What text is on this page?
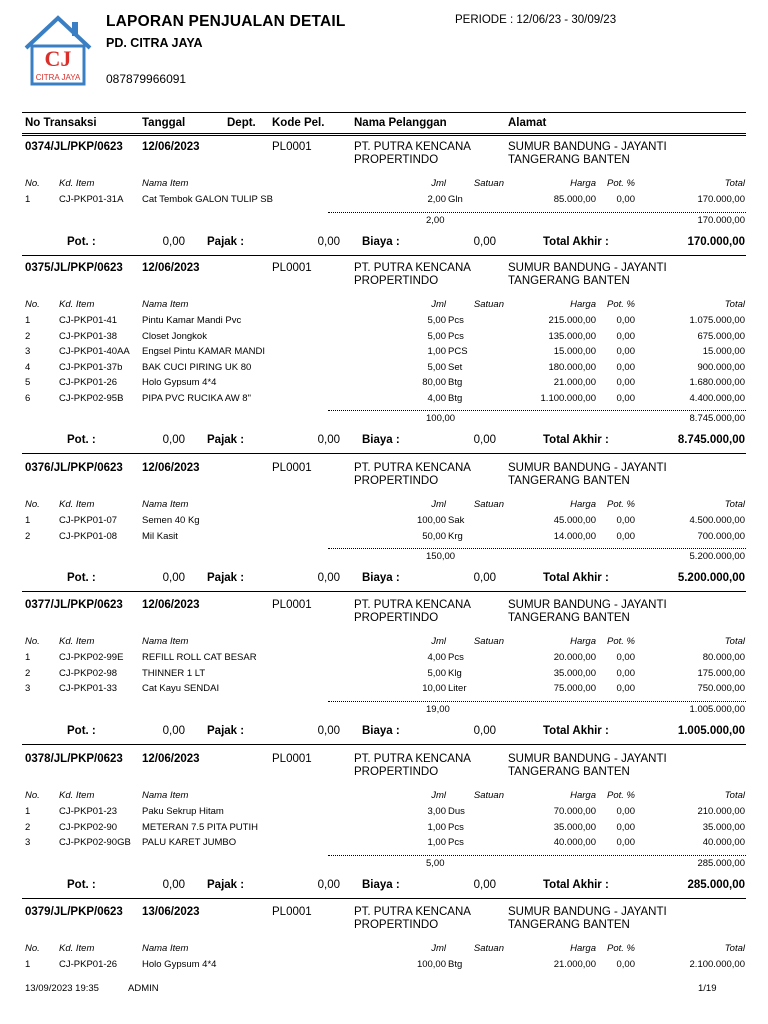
CJ
CITRA JAYA
LAPORAN PENJUALAN DETAIL
PD. CITRA JAYA
087879966091
PERIODE : 12/06/23 - 30/09/23
No Transaksi	Tanggal	Dept. Kode Pel.	Nama Pelanggan	Alamat
0374/JL/PKP/0623 12/06/2023	PL0001	PT. PUTRA KENCANA
PROPERTINDO
SUMUR BANDUNG - JAYANTI
TANGERANG BANTEN
No. Kd. Item	Nama Item	Jml	Satuan	Harga Pot. %	Total
1	CJ-PKP01-31A Cat Tembok GALON TULIP SB	2,00 Gln	85.000,00 0,00	170.000,00
2,00	170.000,00
Pot. :	0,00 Pajak :	0,00 Biaya :	0,00	Total Akhir :	170.000,00
0375/JL/PKP/0623 12/06/2023	PL0001	PT. PUTRA KENCANA
PROPERTINDO
SUMUR BANDUNG - JAYANTI
TANGERANG BANTEN
No. Kd. Item	Nama Item	Jml	Satuan	Harga Pot. %	Total
1	CJ-PKP01-41	Pintu Kamar Mandi Pvc	5,00 Pcs	215.000,00 0,00	1.075.000,00
2	CJ-PKP01-38	Closet Jongkok	5,00 Pcs	135.000,00 0,00	675.000,00
3	CJ-PKP01-40AA Engsel Pintu KAMAR MANDI	1,00 PCS	15.000,00 0,00	15.000,00
4	CJ-PKP01-37b BAK CUCI PIRING UK 80	5,00 Set	180.000,00 0,00	900.000,00
5	CJ-PKP01-26	Holo Gypsum 4*4	80,00 Btg	21.000,00 0,00	1.680.000,00
6	CJ-PKP02-95B PIPA PVC RUCIKA AW 8"	4,00 Btg	1.100.000,00 0,00	4.400.000,00
100,00	8.745.000,00
Pot. :	0,00 Pajak :	0,00 Biaya :	0,00	Total Akhir :	8.745.000,00
0376/JL/PKP/0623 12/06/2023	PL0001	PT. PUTRA KENCANA
PROPERTINDO
SUMUR BANDUNG - JAYANTI
TANGERANG BANTEN
No. Kd. Item	Nama Item	Jml	Satuan	Harga Pot. %	Total
1	CJ-PKP01-07	Semen 40 Kg	100,00 Sak	45.000,00 0,00	4.500.000,00
2	CJ-PKP01-08	Mil Kasit	50,00 Krg	14.000,00 0,00	700.000,00
150,00	5.200.000,00
Pot. :	0,00 Pajak :	0,00 Biaya :	0,00	Total Akhir :	5.200.000,00
0377/JL/PKP/0623 12/06/2023	PL0001	PT. PUTRA KENCANA
PROPERTINDO
SUMUR BANDUNG - JAYANTI
TANGERANG BANTEN
No. Kd. Item	Nama Item	Jml	Satuan	Harga Pot. %	Total
1	CJ-PKP02-99E REFILL ROLL CAT BESAR	4,00 Pcs	20.000,00 0,00	80.000,00
2	CJ-PKP02-98	THINNER 1 LT	5,00 Klg	35.000,00 0,00	175.000,00
3	CJ-PKP01-33	Cat Kayu SENDAI	10,00 Liter	75.000,00 0,00	750.000,00
19,00	1.005.000,00
Pot. :	0,00 Pajak :	0,00 Biaya :	0,00	Total Akhir :	1.005.000,00
0378/JL/PKP/0623 12/06/2023	PL0001	PT. PUTRA KENCANA
PROPERTINDO
SUMUR BANDUNG - JAYANTI
TANGERANG BANTEN
No. Kd. Item	Nama Item	Jml	Satuan	Harga Pot. %	Total
1	CJ-PKP01-23	Paku Sekrup Hitam	3,00 Dus	70.000,00 0,00	210.000,00
2	CJ-PKP02-90	METERAN 7.5 PITA PUTIH	1,00 Pcs	35.000,00 0,00	35.000,00
3	CJ-PKP02-90GB PALU KARET JUMBO	1,00 Pcs	40.000,00 0,00	40.000,00
5,00	285.000,00
Pot. :	0,00 Pajak :	0,00 Biaya :	0,00	Total Akhir :	285.000,00
0379/JL/PKP/0623 13/06/2023	PL0001	PT. PUTRA KENCANA
PROPERTINDO
SUMUR BANDUNG - JAYANTI
TANGERANG BANTEN
No. Kd. Item	Nama Item	Jml	Satuan	Harga Pot. %	Total
1	CJ-PKP01-26	Holo Gypsum 4*4	100,00 Btg	21.000,00 0,00	2.100.000,00
13/09/2023 19:35	ADMIN	1/19
